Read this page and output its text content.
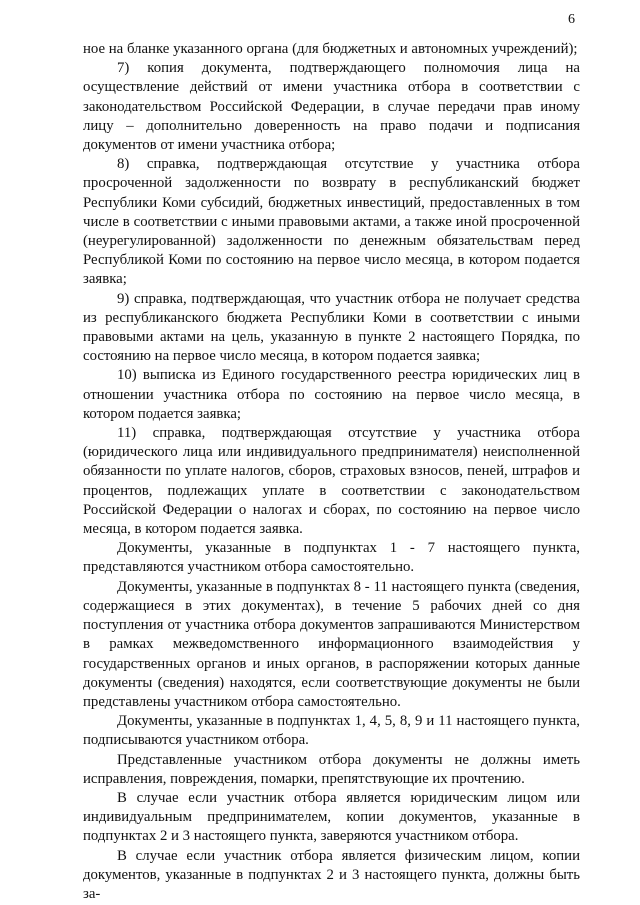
6

ное на бланке указанного органа (для бюджетных и автономных учреждений);

7) копия документа, подтверждающего полномочия лица на осуществление действий от имени участника отбора в соответствии с законодательством Российской Федерации, в случае передачи прав иному лицу – дополнительно доверенность на право подачи и подписания документов от имени участника отбора;

8) справка, подтверждающая отсутствие у участника отбора просроченной задолженности по возврату в республиканский бюджет Республики Коми субсидий, бюджетных инвестиций, предоставленных в том числе в соответствии с иными правовыми актами, а также иной просроченной (неурегулированной) задолженности по денежным обязательствам перед Республикой Коми по состоянию на первое число месяца, в котором подается заявка;

9) справка, подтверждающая, что участник отбора не получает средства из республиканского бюджета Республики Коми в соответствии с иными правовыми актами на цель, указанную в пункте 2 настоящего Порядка, по состоянию на первое число месяца, в котором подается заявка;

10) выписка из Единого государственного реестра юридических лиц в отношении участника отбора по состоянию на первое число месяца, в котором подается заявка;

11) справка, подтверждающая отсутствие у участника отбора (юридического лица или индивидуального предпринимателя) неисполненной обязанности по уплате налогов, сборов, страховых взносов, пеней, штрафов и процентов, подлежащих уплате в соответствии с законодательством Российской Федерации о налогах и сборах, по состоянию на первое число месяца, в котором подается заявка.

Документы, указанные в подпунктах 1 - 7 настоящего пункта, представляются участником отбора самостоятельно.

Документы, указанные в подпунктах 8 - 11 настоящего пункта (сведения, содержащиеся в этих документах), в течение 5 рабочих дней со дня поступления от участника отбора документов запрашиваются Министерством в рамках межведомственного информационного взаимодействия у государственных органов и иных органов, в распоряжении которых данные документы (сведения) находятся, если соответствующие документы не были представлены участником отбора самостоятельно.

Документы, указанные в подпунктах 1, 4, 5, 8, 9 и 11 настоящего пункта, подписываются участником отбора.

Представленные участником отбора документы не должны иметь исправления, повреждения, помарки, препятствующие их прочтению.

В случае если участник отбора является юридическим лицом или индивидуальным предпринимателем, копии документов, указанные в подпунктах 2 и 3 настоящего пункта, заверяются участником отбора.

В случае если участник отбора является физическим лицом, копии документов, указанные в подпунктах 2 и 3 настоящего пункта, должны быть за-
